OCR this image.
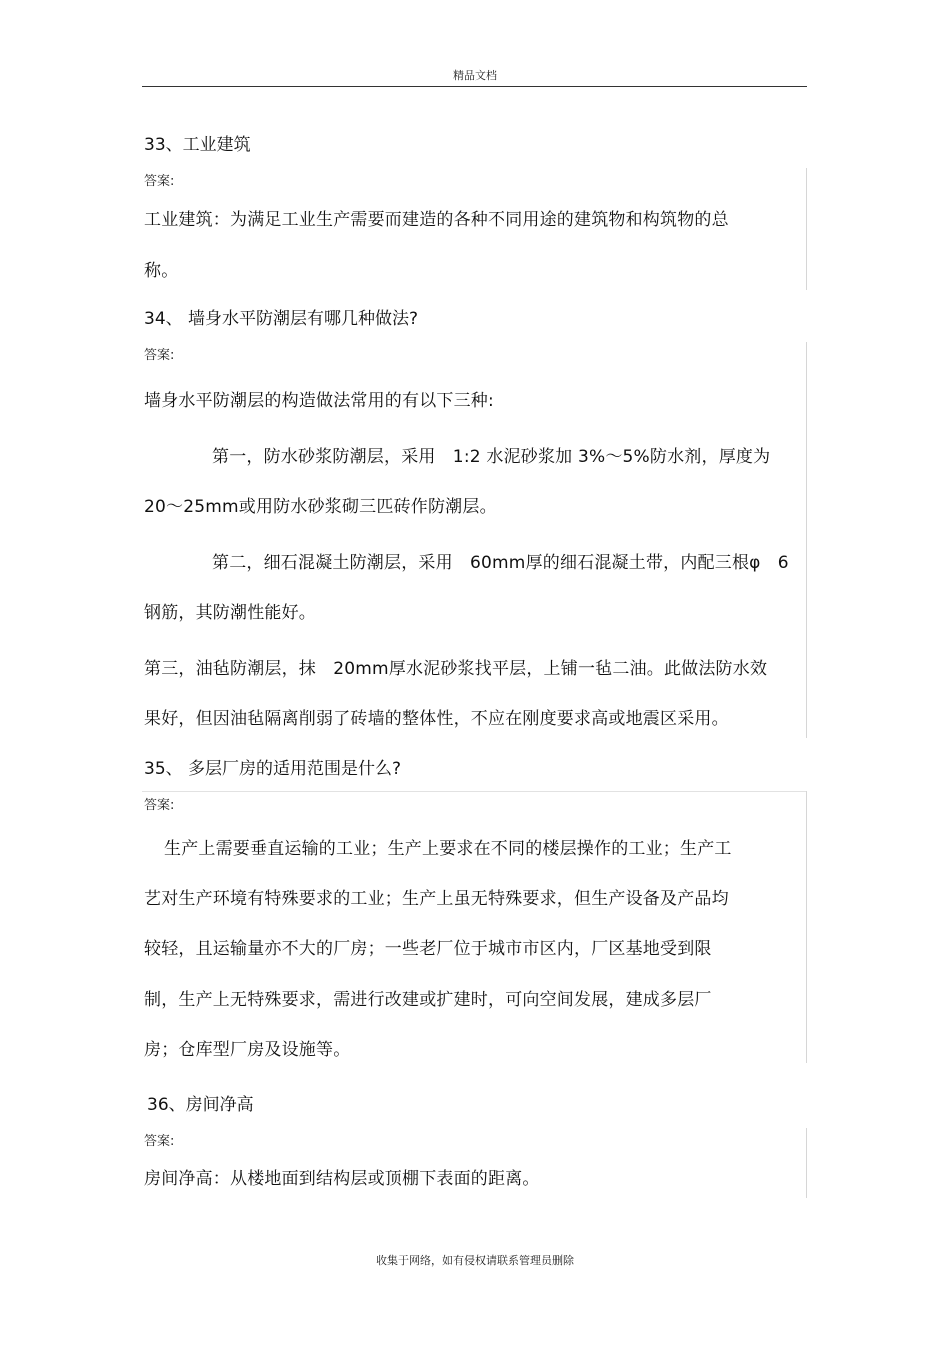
精品文档
33、工业建筑
答案:
工业建筑：为满足工业生产需要而建造的各种不同用途的建筑物和构筑物的总
称。
34、 墙身水平防潮层有哪几种做法?
答案:
墙身水平防潮层的构造做法常用的有以下三种:
第一，防水砂浆防潮层，采用　1:2 水泥砂浆加 3%～5%防水剂，厚度为
20～25mm或用防水砂浆砌三匹砖作防潮层。
第二，细石混凝土防潮层，采用　60mm厚的细石混凝土带，内配三根φ　6
钢筋，其防潮性能好。
第三，油毡防潮层，抹　20mm厚水泥砂浆找平层，上铺一毡二油。此做法防水效
果好，但因油毡隔离削弱了砖墙的整体性，不应在刚度要求高或地震区采用。
35、 多层厂房的适用范围是什么?
答案:
生产上需要垂直运输的工业；生产上要求在不同的楼层操作的工业；生产工
艺对生产环境有特殊要求的工业；生产上虽无特殊要求，但生产设备及产品均
较轻，且运输量亦不大的厂房；一些老厂位于城市市区内，厂区基地受到限
制，生产上无特殊要求，需进行改建或扩建时，可向空间发展，建成多层厂
房；仓库型厂房及设施等。
36、房间净高
答案:
房间净高：从楼地面到结构层或顶棚下表面的距离。
收集于网络，如有侵权请联系管理员删除
